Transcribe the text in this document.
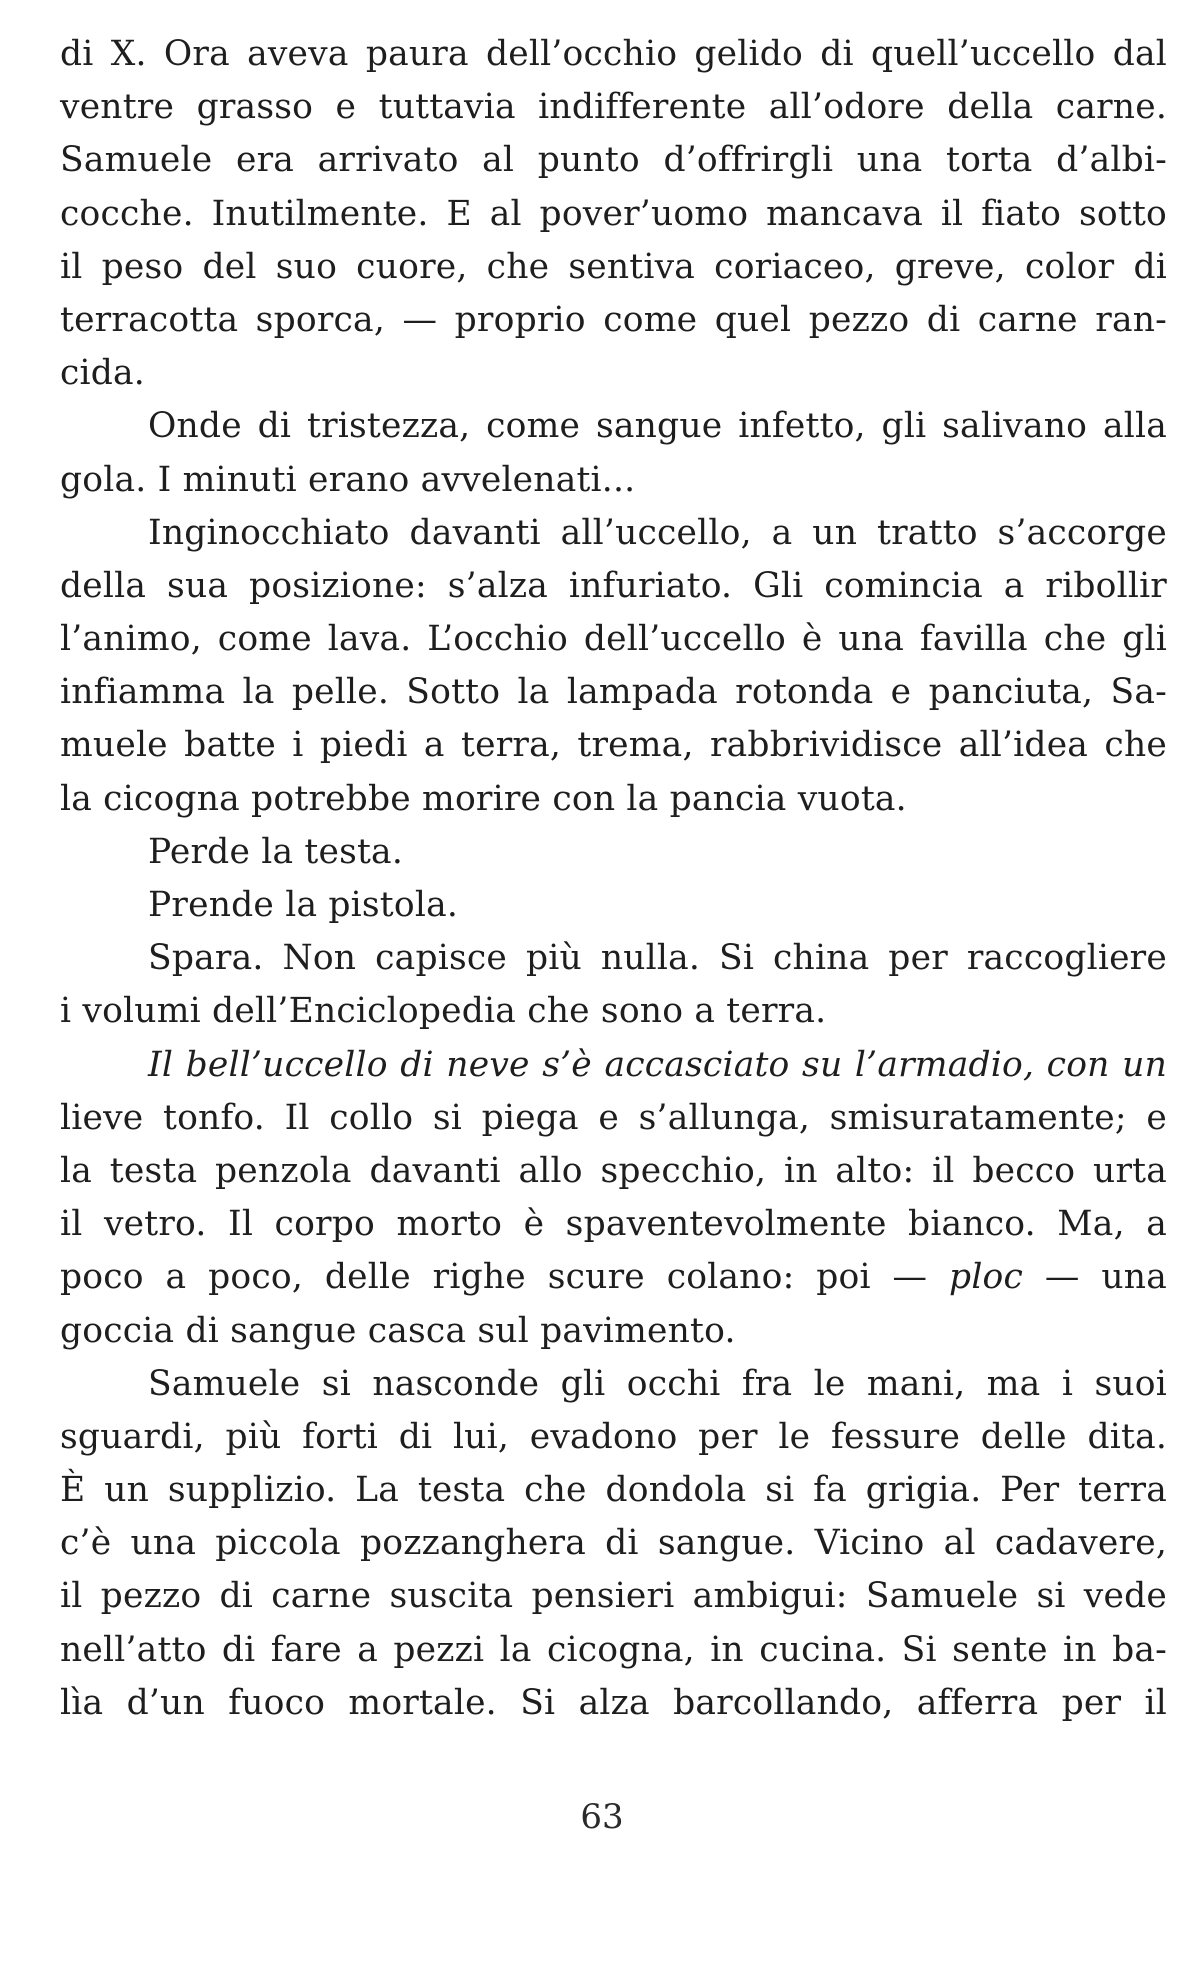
di X. Ora aveva paura dell’occhio gelido di quell’uccello dal
ventre grasso e tuttavia indifferente all’odore della carne.
Samuele era arrivato al punto d’offrirgli una torta d’albi-
cocche. Inutilmente. E al pover’uomo mancava il fiato sotto
il peso del suo cuore, che sentiva coriaceo, greve, color di
terracotta sporca, — proprio come quel pezzo di carne ran-
cida.
Onde di tristezza, come sangue infetto, gli salivano alla
gola. I minuti erano avvelenati...
Inginocchiato davanti all’uccello, a un tratto s’accorge
della sua posizione: s’alza infuriato. Gli comincia a ribollir
l’animo, come lava. L’occhio dell’uccello è una favilla che gli
infiamma la pelle. Sotto la lampada rotonda e panciuta, Sa-
muele batte i piedi a terra, trema, rabbrividisce all’idea che
la cicogna potrebbe morire con la pancia vuota.
Perde la testa.
Prende la pistola.
Spara. Non capisce più nulla. Si china per raccogliere
i volumi dell’Enciclopedia che sono a terra.
Il bell’uccello di neve s’è accasciato su l’armadio, con un
lieve tonfo. Il collo si piega e s’allunga, smisuratamente; e
la testa penzola davanti allo specchio, in alto: il becco urta
il vetro. Il corpo morto è spaventevolmente bianco. Ma, a
poco a poco, delle righe scure colano: poi — ploc — una
goccia di sangue casca sul pavimento.
Samuele si nasconde gli occhi fra le mani, ma i suoi
sguardi, più forti di lui, evadono per le fessure delle dita.
È un supplizio. La testa che dondola si fa grigia. Per terra
c’è una piccola pozzanghera di sangue. Vicino al cadavere,
il pezzo di carne suscita pensieri ambigui: Samuele si vede
nell’atto di fare a pezzi la cicogna, in cucina. Si sente in ba-
lìa d’un fuoco mortale. Si alza barcollando, afferra per il
63
